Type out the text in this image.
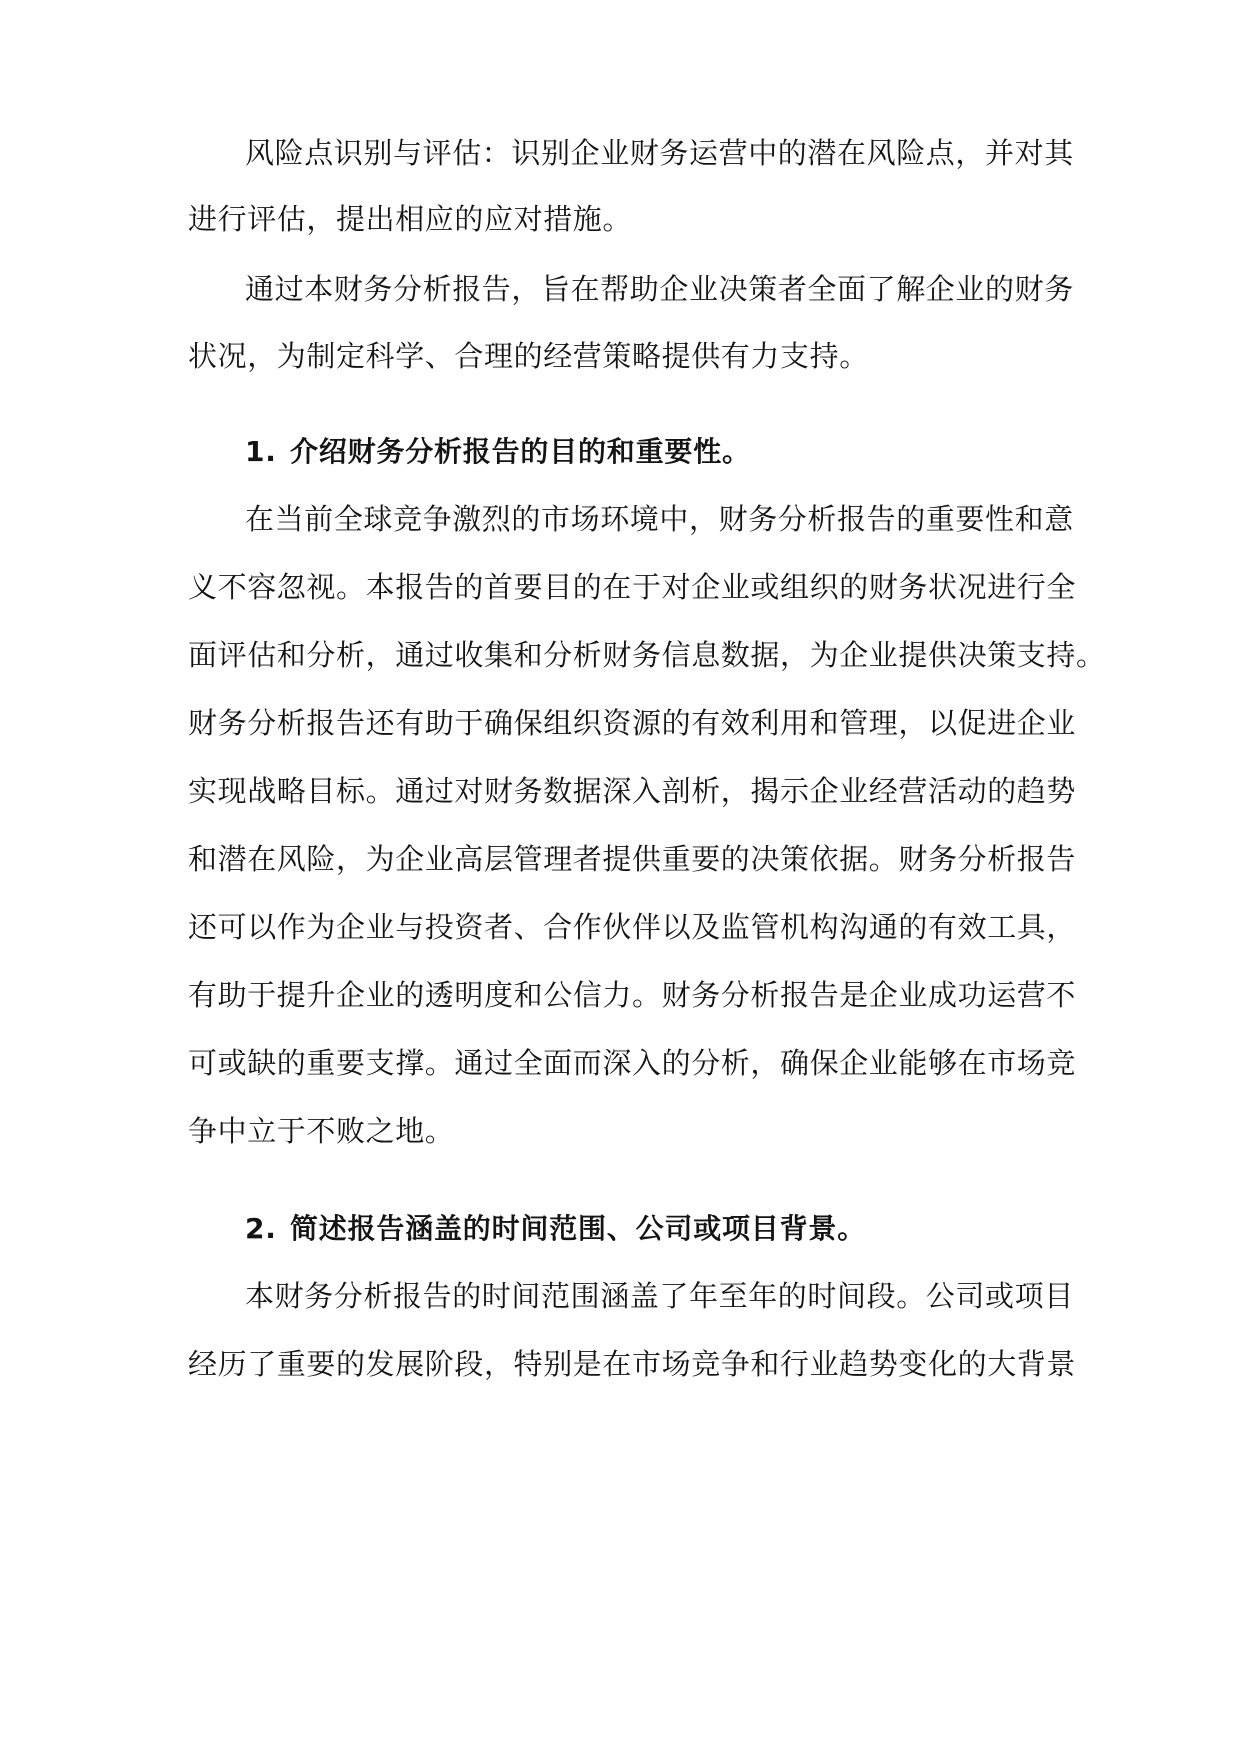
风险点识别与评估：识别企业财务运营中的潜在风险点，并对其
进行评估，提出相应的应对措施。
通过本财务分析报告，旨在帮助企业决策者全面了解企业的财务
状况，为制定科学、合理的经营策略提供有力支持。
1. 介绍财务分析报告的目的和重要性。
在当前全球竞争激烈的市场环境中，财务分析报告的重要性和意
义不容忽视。本报告的首要目的在于对企业或组织的财务状况进行全
面评估和分析，通过收集和分析财务信息数据，为企业提供决策支持。
财务分析报告还有助于确保组织资源的有效利用和管理，以促进企业
实现战略目标。通过对财务数据深入剖析，揭示企业经营活动的趋势
和潜在风险，为企业高层管理者提供重要的决策依据。财务分析报告
还可以作为企业与投资者、合作伙伴以及监管机构沟通的有效工具，
有助于提升企业的透明度和公信力。财务分析报告是企业成功运营不
可或缺的重要支撑。通过全面而深入的分析，确保企业能够在市场竞
争中立于不败之地。
2. 简述报告涵盖的时间范围、公司或项目背景。
本财务分析报告的时间范围涵盖了年至年的时间段。公司或项目
经历了重要的发展阶段，特别是在市场竞争和行业趋势变化的大背景
